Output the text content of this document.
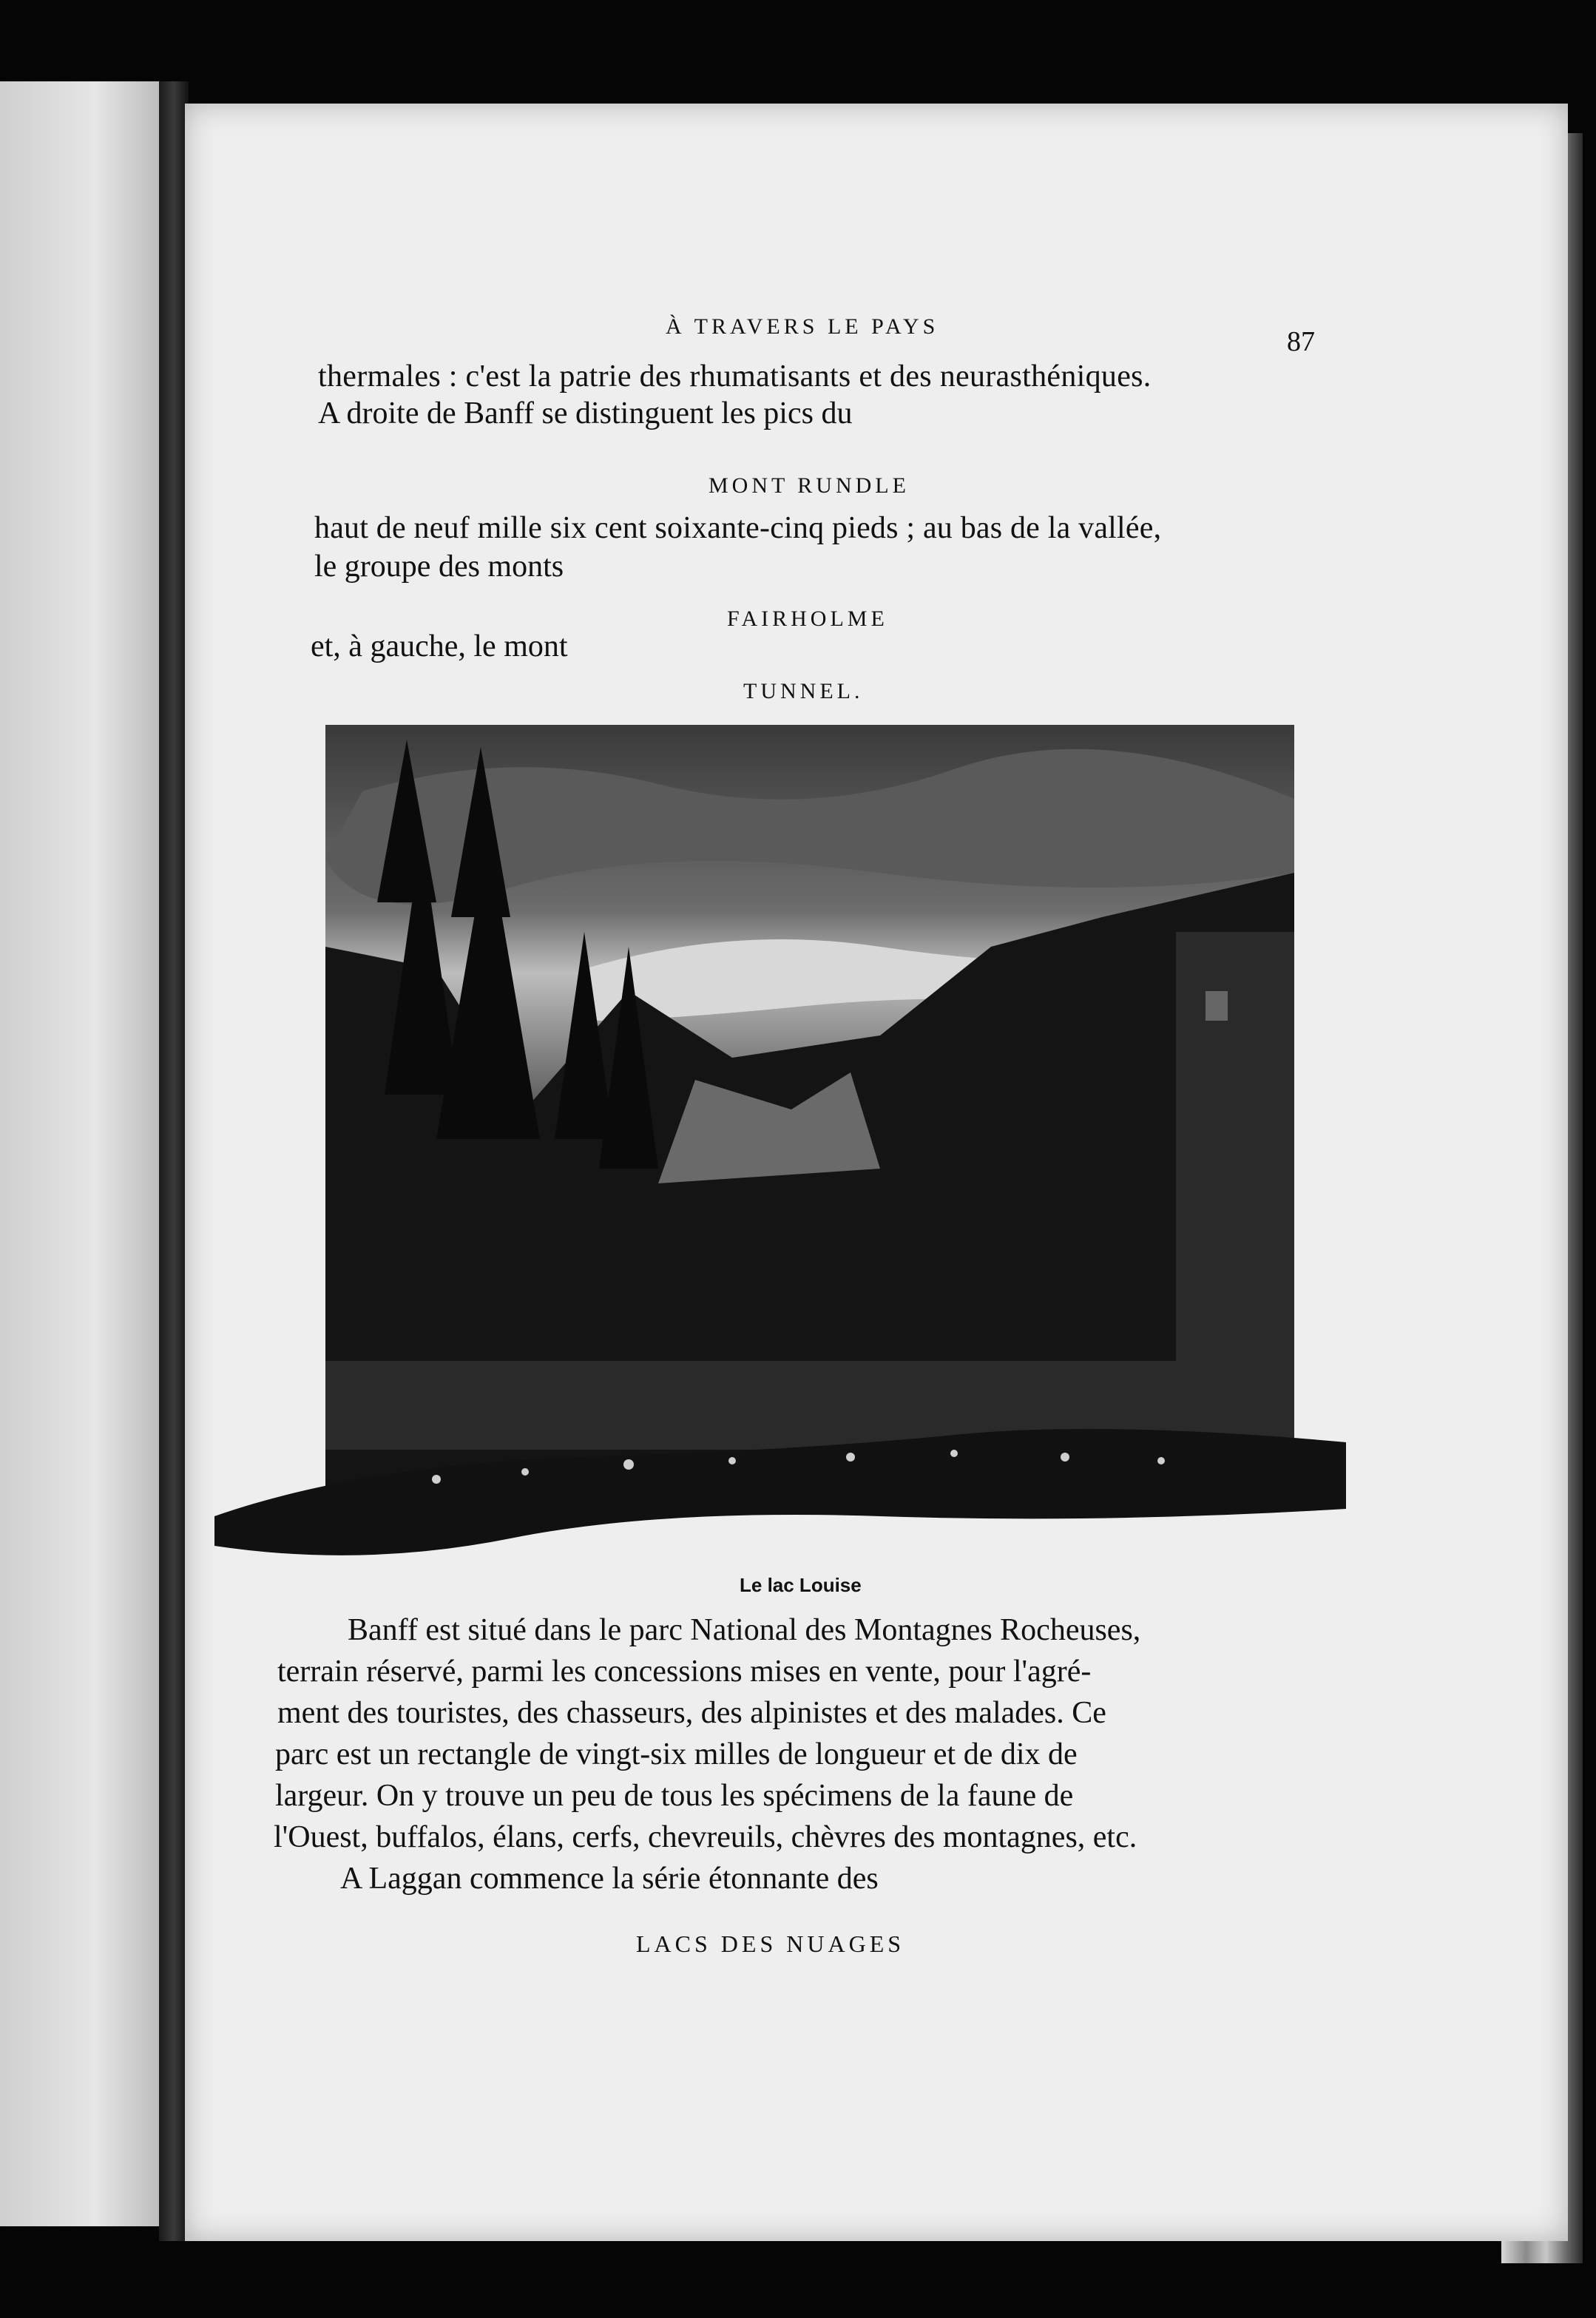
À TRAVERS LE PAYS	87
thermales : c'est la patrie des rhumatisants et des neurasthéniques.
A droite de Banff se distinguent les pics du
MONT RUNDLE
haut de neuf mille six cent soixante-cinq pieds ; au bas de la vallée,
le groupe des monts
FAIRHOLME
et, à gauche, le mont
TUNNEL.
Le lac Louise
Banff est situé dans le parc National des Montagnes Rocheuses,
terrain réservé, parmi les concessions mises en vente, pour l'agré-
ment des touristes, des chasseurs, des alpinistes et des malades. Ce
parc est un rectangle de vingt-six milles de longueur et de dix de
largeur. On y trouve un peu de tous les spécimens de la faune de
l'Ouest, buffalos, élans, cerfs, chevreuils, chèvres des montagnes, etc.
A Laggan commence la série étonnante des
LACS DES NUAGES
